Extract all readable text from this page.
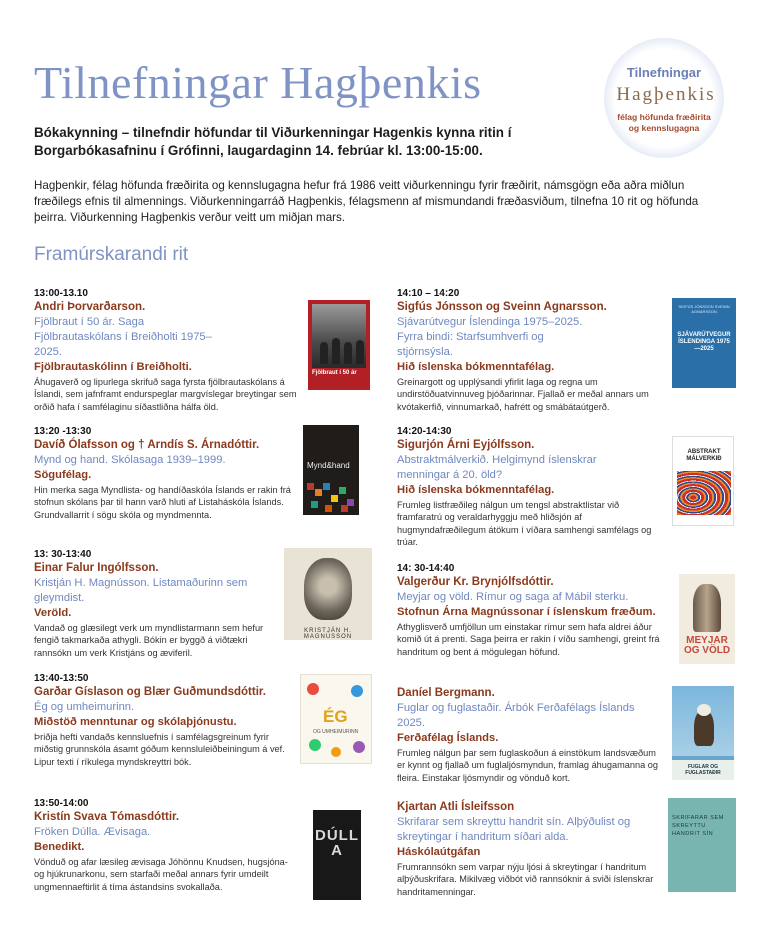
Tilnefningar Hagþenkis
Bókakynning – tilnefndir höfundar til Viðurkenningar Hagenkis kynna ritin í Borgarbókasafninu í Grófinni, laugardaginn 14. febrúar kl. 13:00-15:00.
Hagþenkir, félag höfunda fræðirita og kennslugagna hefur frá 1986 veitt viðurkenningu fyrir fræðirit, námsgögn eða aðra miðlun fræðilegs efnis til almennings. Viðurkenningarráð Hagþenkis, félagsmenn af mismundandi fræðasviðum, tilnefna 10 rit og höfunda þeirra. Viðurkenning Hagþenkis verður veitt um miðjan mars.
Framúrskarandi rit
Tilnefningar
Hagþenkis
félag höfunda fræðirita
og kennslugagna
13:00-13.10
Andri Þorvarðarson.
Fjölbraut í 50 ár. Saga Fjölbrautaskólans í Breiðholti 1975–2025.
Fjölbrautaskólinn í Breiðholti.
Áhugaverð og lipurlega skrifuð saga fyrsta fjölbrautaskólans á Íslandi, sem jafnframt endurspeglar margvíslegar breytingar sem orðið hafa í samfélaginu síðastliðna hálfa öld.
13:20 -13:30
Davíð Ólafsson og † Arndís S. Árnadóttir.
Mynd og hand. Skólasaga 1939–1999.
Sögufélag.
Hin merka saga Myndlista- og handíðaskóla Íslands er rakin frá stofnun skólans þar til hann varð hluti af Listaháskóla Íslands. Grundvallarrit í sögu skóla og myndmennta.
13: 30-13:40
Einar Falur Ingólfsson.
Kristján H. Magnússon. Listamaðurinn sem gleymdist.
Veröld.
Vandað og glæsilegt verk um myndlistarmann sem hefur fengið takmarkaða athygli. Bókin er byggð á viðtækri rannsókn um verk Kristjáns og æviferil.
13:40-13:50
Garðar Gíslason og Blær Guðmundsdóttir.
Ég og umheimurinn.
Miðstöð menntunar og skólaþjónustu.
Þriðja hefti vandaðs kennsluefnis í samfélagsgreinum fyrir miðstig grunnskóla ásamt góðum kennsluleiðbeiningum á vef. Lipur texti í ríkulega myndskreyttri bók.
13:50-14:00
Kristín Svava Tómasdóttir.
Fröken Dúlla. Ævisaga.
Benedikt.
Vönduð og afar læsileg ævisaga Jóhönnu Knudsen, hugsjóna- og hjúkrunarkonu, sem starfaði meðal annars fyrir umdeilt ungmennaeftirlit á tíma ástandsins svokallaða.
14:10 – 14:20
Sigfús Jónsson og Sveinn Agnarsson.
Sjávarútvegur Íslendinga 1975–2025. Fyrra bindi: Starfsumhverfi og stjórnsýsla.
Hið íslenska bókmenntafélag.
Greinargott og upplýsandi yfirlit laga og regna um undirstöðuatvinnuveg þjóðarinnar. Fjallað er meðal annars um kvótakerfið, vinnumarkað, hafrétt og smábátaútgerð.
14:20-14:30
Sigurjón Árni Eyjólfsson.
Abstraktmálverkið. Helgimynd íslenskrar menningar á 20. öld?
Hið íslenska bókmenntafélag.
Frumleg listfræðileg nálgun um tengsl abstraktlistar við framfaratrú og veraldarhyggju með hliðsjón af hugmyndafræðilegum átökum í víðara samhengi samfélags og trúar.
14: 30-14:40
Valgerður Kr. Brynjólfsdóttir.
Meyjar og völd. Rímur og saga af Mábil sterku.
Stofnun Árna Magnússonar í íslenskum fræðum.
Athyglisverð umfjöllun um einstakar rímur sem hafa aldrei áður komið út á prenti. Saga þeirra er rakin í víðu samhengi, greint frá handritum og bent á mögulegan höfund.
Daníel Bergmann.
Fuglar og fuglastaðir. Árbók Ferðafélags Íslands 2025.
Ferðafélag Íslands.
Frumleg nálgun þar sem fuglaskoðun á einstökum landsvæðum er kynnt og fjallað um fuglaljósmyndun, framlag áhugamanna og fleira. Einstakar ljósmyndir og vönduð kort.
Kjartan Atli Ísleifsson
Skrifarar sem skreyttu handrit sín. Alþýðulist og skreytingar í handritum síðari alda.
Háskólaútgáfan
Frumrannsókn sem varpar nýju ljósi á skreytingar í handritum alþýðuskrifara. Mikilvæg viðbót við rannsóknir á sviði íslenskrar handritamenningar.
Fjölbraut í 50 ár
Mynd&hand
KRISTJÁN H. MAGNÚSSON
ÉG
OG UMHEIMURINN
DÚLLA
SIGFÚS JÓNSSON SVEINN AGNARSSON
SJÁVARÚTVEGUR ÍSLENDINGA 1975—2025
ABSTRAKT MÁLVERKIÐ
MEYJAR OG VÖLD
FUGLAR OG FUGLASTAÐIR
SKRIFARAR SEM SKREYTTU HANDRIT SÍN
